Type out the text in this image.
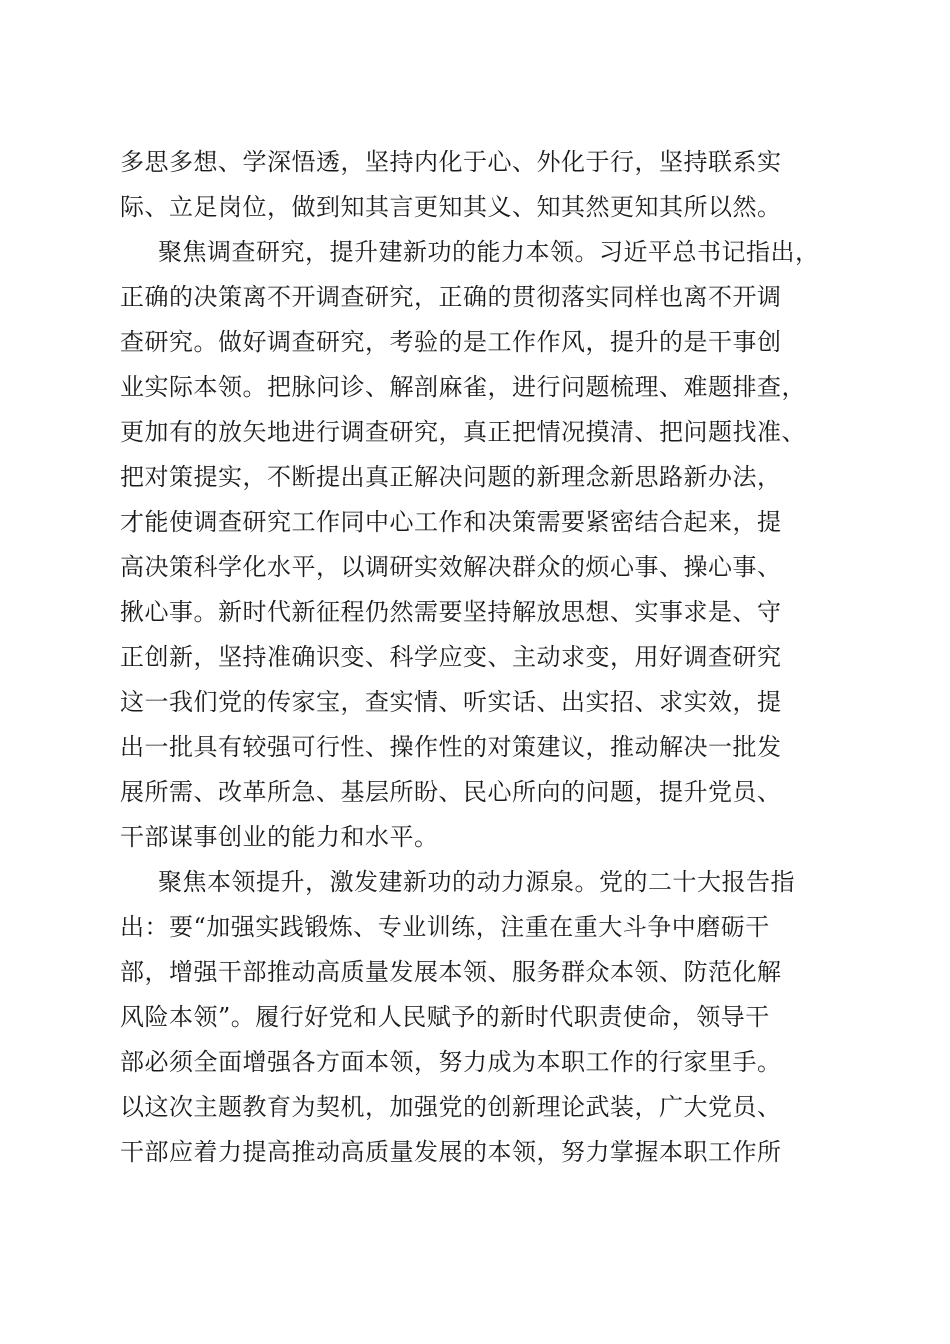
多思多想、学深悟透，坚持内化于心、外化于行，坚持联系实
际、立足岗位，做到知其言更知其义、知其然更知其所以然。
聚焦调查研究，提升建新功的能力本领。习近平总书记指出，
正确的决策离不开调查研究，正确的贯彻落实同样也离不开调
查研究。做好调查研究，考验的是工作作风，提升的是干事创
业实际本领。把脉问诊、解剖麻雀，进行问题梳理、难题排查，
更加有的放矢地进行调查研究，真正把情况摸清、把问题找准、
把对策提实，不断提出真正解决问题的新理念新思路新办法，
才能使调查研究工作同中心工作和决策需要紧密结合起来，提
高决策科学化水平，以调研实效解决群众的烦心事、操心事、
揪心事。新时代新征程仍然需要坚持解放思想、实事求是、守
正创新，坚持准确识变、科学应变、主动求变，用好调查研究
这一我们党的传家宝，查实情、听实话、出实招、求实效，提
出一批具有较强可行性、操作性的对策建议，推动解决一批发
展所需、改革所急、基层所盼、民心所向的问题，提升党员、
干部谋事创业的能力和水平。
聚焦本领提升，激发建新功的动力源泉。党的二十大报告指
出：要“加强实践锻炼、专业训练，注重在重大斗争中磨砺干
部，增强干部推动高质量发展本领、服务群众本领、防范化解
风险本领”。履行好党和人民赋予的新时代职责使命，领导干
部必须全面增强各方面本领，努力成为本职工作的行家里手。
以这次主题教育为契机，加强党的创新理论武装，广大党员、
干部应着力提高推动高质量发展的本领，努力掌握本职工作所
